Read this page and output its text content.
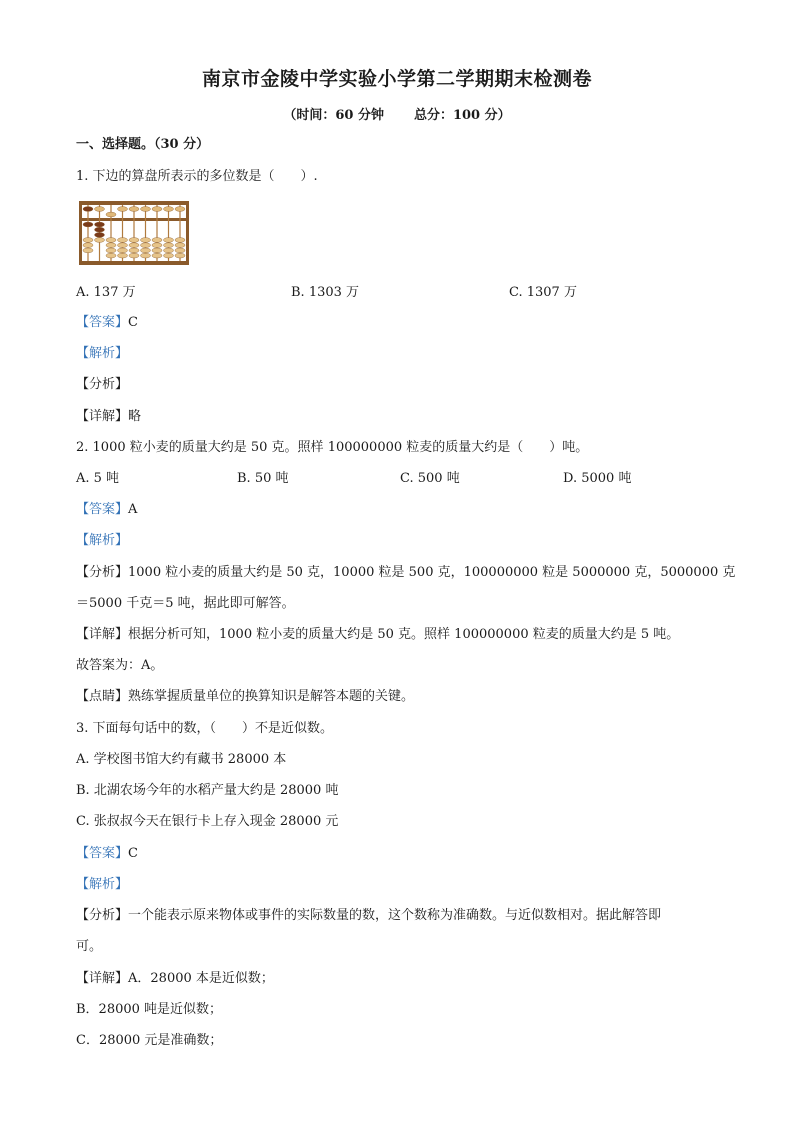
南京市金陵中学实验小学第二学期期末检测卷
（时间：60 分钟 总分：100 分）
一、选择题。（30 分）
1. 下边的算盘所表示的多位数是（　　）.
A. 137 万	B. 1303 万	C. 1307 万
【答案】C
【解析】
【分析】
【详解】略
2. 1000 粒小麦的质量大约是 50 克。照样 100000000 粒麦的质量大约是（　　）吨。
A. 5 吨	B. 50 吨	C. 500 吨	D. 5000 吨
【答案】A
【解析】
【分析】1000 粒小麦的质量大约是 50 克，10000 粒是 500 克，100000000 粒是 5000000 克，5000000 克
＝5000 千克＝5 吨，据此即可解答。
【详解】根据分析可知，1000 粒小麦的质量大约是 50 克。照样 100000000 粒麦的质量大约是 5 吨。
故答案为：A。
【点睛】熟练掌握质量单位的换算知识是解答本题的关键。
3. 下面每句话中的数，（　　）不是近似数。
A. 学校图书馆大约有藏书 28000 本
B. 北湖农场今年的水稻产量大约是 28000 吨
C. 张叔叔今天在银行卡上存入现金 28000 元
【答案】C
【解析】
【分析】一个能表示原来物体或事件的实际数量的数，这个数称为准确数。与近似数相对。据此解答即
可。
【详解】A．28000 本是近似数；
B．28000 吨是近似数；
C．28000 元是准确数；
